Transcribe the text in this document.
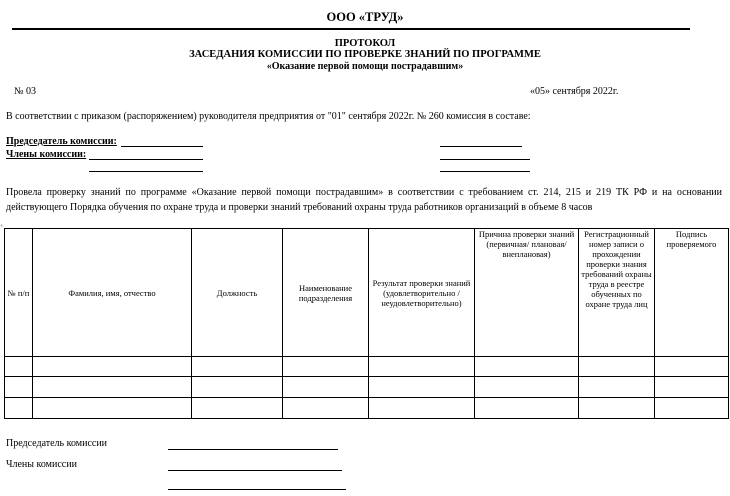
ООО «ТРУД»
ПРОТОКОЛ
ЗАСЕДАНИЯ КОМИССИИ ПО ПРОВЕРКЕ ЗНАНИЙ ПО ПРОГРАММЕ
«Оказание первой помощи пострадавшим»
№ 03	«05» сентября 2022г.
В соответствии с приказом (распоряжением) руководителя предприятия от "01" сентября 2022г. № 260 комиссия в составе:
Председатель комиссии:
Члены комиссии:
Провела проверку знаний по программе «Оказание первой помощи пострадавшим» в соответствии с требованием ст. 214, 215 и 219 ТК РФ и на основании действующего Порядка обучения по охране труда и проверки знаний требований охраны труда работников организаций в объеме 8 часов
+
№ п/п	Фамилия, имя, отчество	Должность	Наименование подразделения	Результат проверки знаний (удовлетворительно / неудовлетворительно)	Причина проверки знаний (первичная/ плановая/ внеплановая)	Регистрационный номер записи о прохождении проверки знания требований охраны труда в реестре обученных по охране труда лиц	Подпись проверяемого

Председатель комиссии
Члены комиссии
